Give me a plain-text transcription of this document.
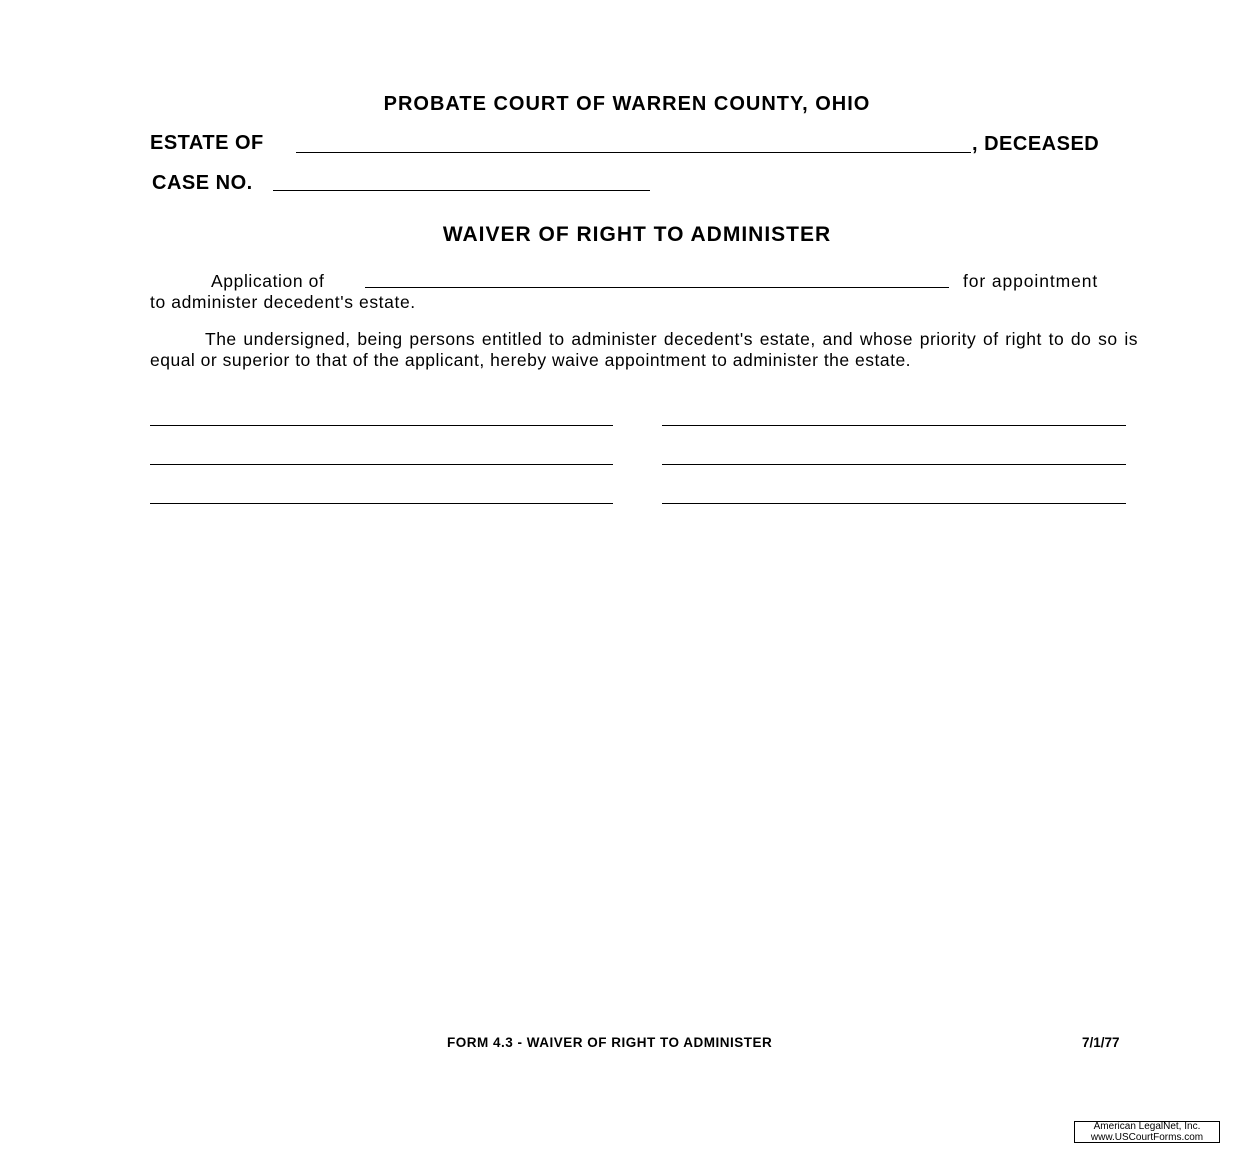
PROBATE COURT OF WARREN COUNTY, OHIO
ESTATE OF	, DECEASED
CASE NO.
WAIVER OF RIGHT TO ADMINISTER
Application of	for appointment
to administer decedent's estate.
The undersigned, being persons entitled to administer decedent's estate, and whose priority of right to do so is equal or superior to that of the applicant, hereby waive appointment to administer the estate.
FORM 4.3 - WAIVER OF RIGHT TO ADMINISTER	7/1/77
American LegalNet, Inc.
www.USCourtForms.com
